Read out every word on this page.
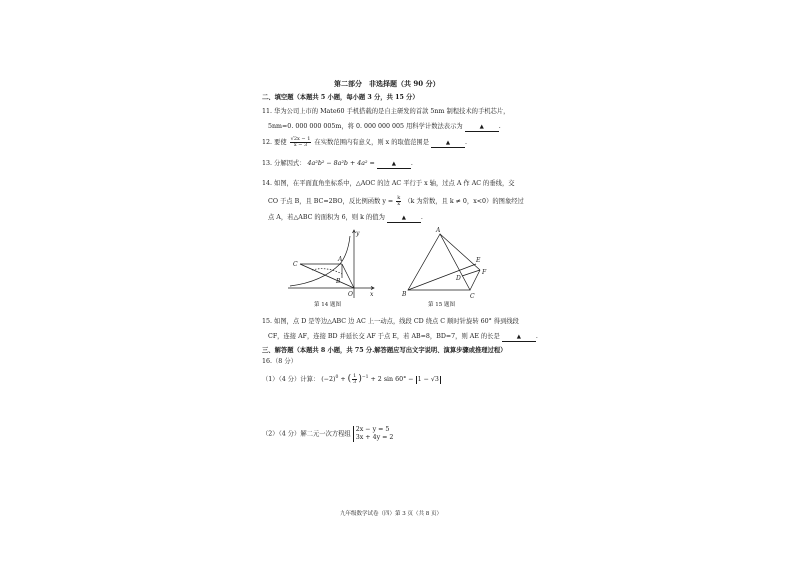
第二部分　非选择题（共 90 分）
二、填空题（本题共 5 小题，每小题 3 分，共 15 分）
11. 华为公司上市的 Mate60 手机搭载的是自主研发的首款 5nm 制程技术的手机芯片，
5nm=0. 000 000 005m，将 0. 000 000 005 用科学计数法表示为	▲ .
12. 要使 $\frac{√2x - 1}{x - 3}$ 在实数范围内有意义，则 x 的取值范围是	▲ .
13. 分解因式： 4a²b² − 8a²b + 4a² =	▲ .
14. 如图，在平面直角坐标系中，△AOC 的边 AC 平行于 x 轴，过点 A 作 AC 的垂线，交
CO 于点 B，且 BC=2BO，反比例函数 $y = \frac{k}{x} (k$ 为常数，且 k ≠ 0，x<0）的图象经过
点 A，若△ABC 的面积为 6，则 k 的值为	▲ .
y
x
C
A
B
O
第 14 题图
A
B	C
D
E
F
第 15 题图
15. 如图，点 D 是等边△ABC 边 AC 上一动点，线段 CD 绕点 C 顺时针旋转 60° 得到线段
CF，连接 AF，连接 BD 并延长交 AF 于点 E，若 AB=8，BD=7，则 AE 的长是	▲ .
三、解答题（本题共 8 小题，共 75 分.解答题应写出文字说明、演算步骤或推理过程）
16.（8 分）
（1）（4 分）计算： $(-2)^0$ + ( $\frac{1}{3} )^{-1} + 2$ sin 60° − 1 − √3
（2）（4 分）解二元一次方程组
2x − y = 5
3x + 4y = 2
九年级数学试卷（四）第 3 页（共 8 页）
